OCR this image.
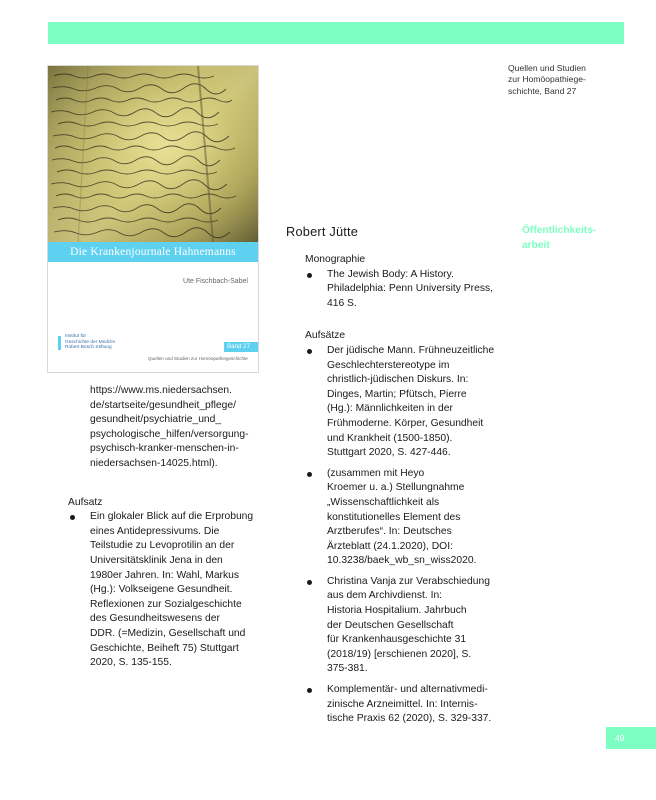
Quellen und Studien
zur Homöopathiege-
schichte, Band 27
Die Krankenjournale Hahnemanns
Ute Fischbach-Sabel
Institut für
Geschichte der Medizin
Robert Bosch Stiftung	Band 27
Quellen und Studien zur Homöopathiegeschichte
https://www.ms.niedersachsen.
de/startseite/gesundheit_pflege/
gesundheit/psychiatrie_und_
psychologische_hilfen/versorgung-
psychisch-kranker-menschen-in-
niedersachsen-14025.html).
Aufsatz
Ein glokaler Blick auf die Erprobung
eines Antidepressivums. Die
Teilstudie zu Levoprotilin an der
Universitätsklinik Jena in den
1980er Jahren. In: Wahl, Markus
(Hg.): Volkseigene Gesundheit.
Reflexionen zur Sozialgeschichte
des Gesundheitswesens der
DDR. (=Medizin, Gesellschaft und
Geschichte, Beiheft 75) Stuttgart
2020, S. 135-155.
Robert Jütte
Monographie
The Jewish Body: A History.
Philadelphia: Penn University Press,
416 S.
Aufsätze
Der jüdische Mann. Frühneuzeitliche
Geschlechterstereotype im
christlich-jüdischen Diskurs. In:
Dinges, Martin; Pfütsch, Pierre
(Hg.): Männlichkeiten in der
Frühmoderne. Körper, Gesundheit
und Krankheit (1500-1850).
Stuttgart 2020, S. 427-446.
(zusammen mit Heyo
Kroemer u. a.) Stellungnahme
„Wissenschaftlichkeit als
konstitutionelles Element des
Arztberufes“. In: Deutsches
Ärzteblatt (24.1.2020), DOI:
10.3238/baek_wb_sn_wiss2020.
Christina Vanja zur Verabschiedung
aus dem Archivdienst. In:
Historia Hospitalium. Jahrbuch
der Deutschen Gesellschaft
für Krankenhausgeschichte 31
(2018/19) [erschienen 2020], S.
375-381.
Komplementär- und alternativmedi-
zinische Arzneimittel. In: Internis-
tische Praxis 62 (2020), S. 329-337.
Öffentlichkeits-
arbeit
49
